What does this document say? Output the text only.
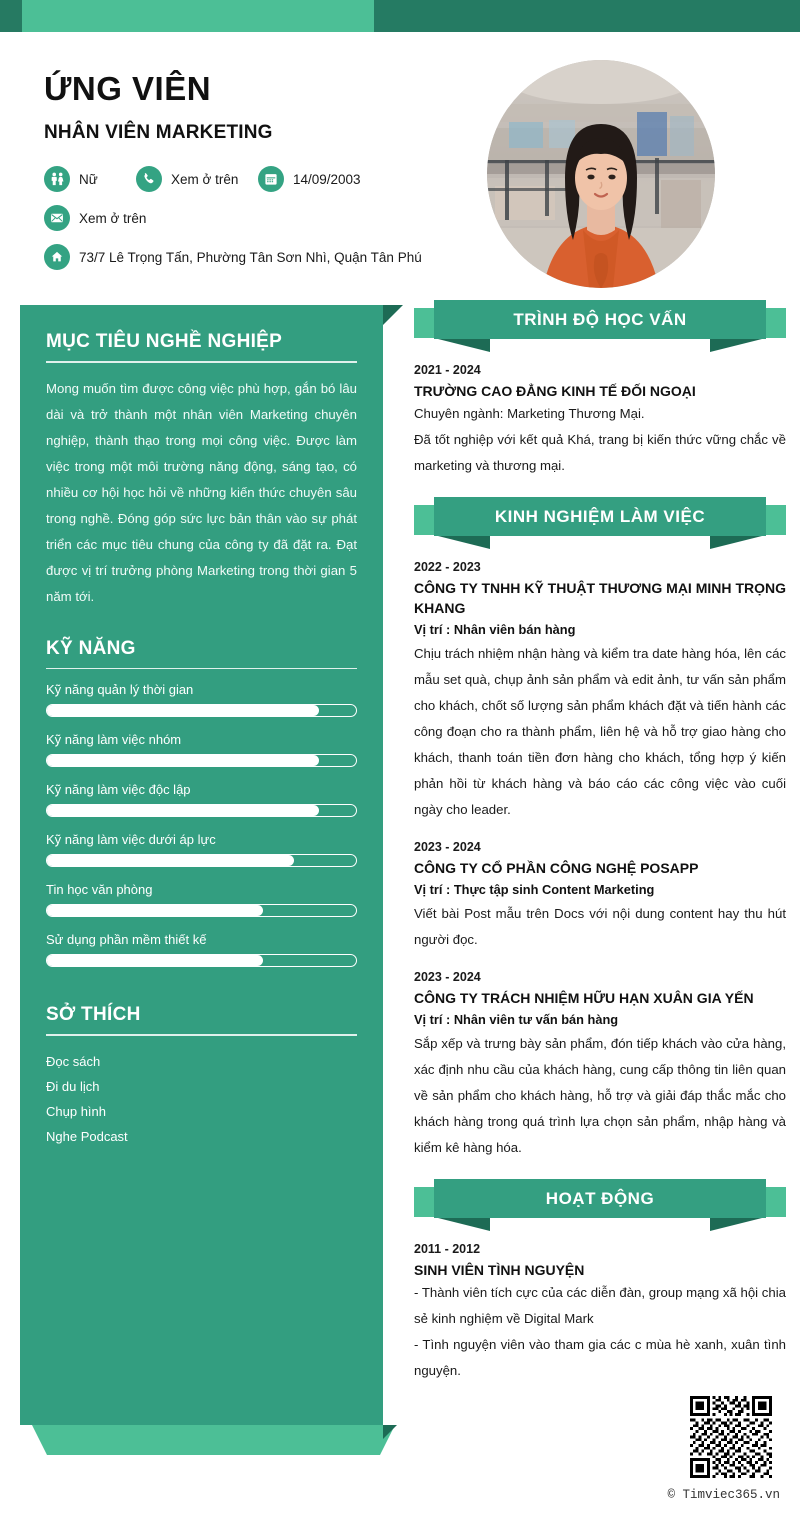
ỨNG VIÊN
NHÂN VIÊN MARKETING
Nữ	Xem ở trên	14/09/2003
Xem ở trên
73/7 Lê Trọng Tấn, Phường Tân Sơn Nhì, Quận Tân Phú
MỤC TIÊU NGHỀ NGHIỆP
Mong muốn tìm được công việc phù hợp, gắn bó lâu dài và trở thành một nhân viên Marketing chuyên nghiệp, thành thạo trong mọi công việc. Được làm việc trong một môi trường năng động, sáng tạo, có nhiều cơ hội học hỏi về những kiến thức chuyên sâu trong nghề. Đóng góp sức lực bản thân vào sự phát triển các mục tiêu chung của công ty đã đặt ra. Đạt được vị trí trưởng phòng Marketing trong thời gian 5 năm tới.
KỸ NĂNG
Kỹ năng quản lý thời gian
Kỹ năng làm việc nhóm
Kỹ năng làm việc độc lập
Kỹ năng làm việc dưới áp lực
Tin học văn phòng
Sử dụng phần mềm thiết kế
SỞ THÍCH
Đọc sách
Đi du lịch
Chụp hình
Nghe Podcast
TRÌNH ĐỘ HỌC VẤN
2021 - 2024
TRƯỜNG CAO ĐẲNG KINH TẾ ĐỐI NGOẠI
Chuyên ngành: Marketing Thương Mại.
Đã tốt nghiệp với kết quả Khá, trang bị kiến thức vững chắc về marketing và thương mại.
KINH NGHIỆM LÀM VIỆC
2022 - 2023
CÔNG TY TNHH KỸ THUẬT THƯƠNG MẠI MINH TRỌNG KHANG
Vị trí : Nhân viên bán hàng
Chịu trách nhiệm nhận hàng và kiểm tra date hàng hóa, lên các mẫu set quà, chụp ảnh sản phẩm và edit ảnh, tư vấn sản phẩm cho khách, chốt số lượng sản phẩm khách đặt và tiến hành các công đoạn cho ra thành phẩm, liên hệ và hỗ trợ giao hàng cho khách, thanh toán tiền đơn hàng cho khách, tổng hợp ý kiến phản hồi từ khách hàng và báo cáo các công việc vào cuối ngày cho leader.
2023 - 2024
CÔNG TY CỔ PHẦN CÔNG NGHỆ POSAPP
Vị trí : Thực tập sinh Content Marketing
Viết bài Post mẫu trên Docs với nội dung content hay thu hút người đọc.
2023 - 2024
CÔNG TY TRÁCH NHIỆM HỮU HẠN XUÂN GIA YẾN
Vị trí : Nhân viên tư vấn bán hàng
Sắp xếp và trưng bày sản phẩm, đón tiếp khách vào cửa hàng, xác định nhu cầu của khách hàng, cung cấp thông tin liên quan về sản phẩm cho khách hàng, hỗ trợ và giải đáp thắc mắc cho khách hàng trong quá trình lựa chọn sản phẩm, nhập hàng và kiểm kê hàng hóa.
HOẠT ĐỘNG
2011 - 2012
SINH VIÊN TÌNH NGUYỆN
- Thành viên tích cực của các diễn đàn, group mạng xã hội chia sẻ kinh nghiệm về Digital Mark
- Tình nguyện viên vào tham gia các c mùa hè xanh, xuân tình nguyện.
© Timviec365.vn
